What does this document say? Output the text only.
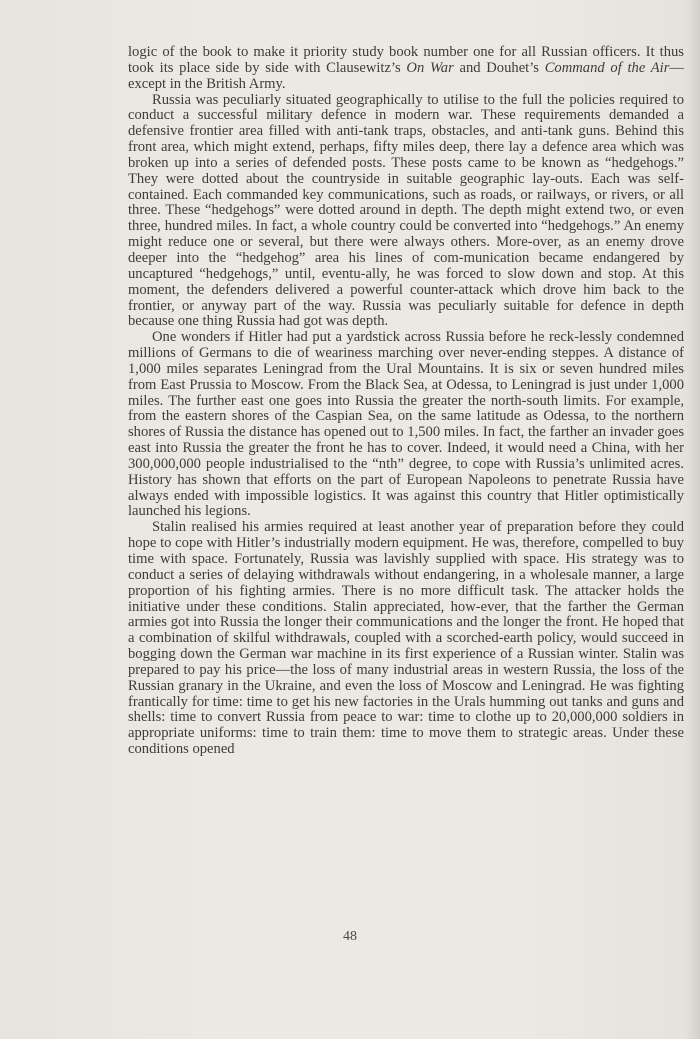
logic of the book to make it priority study book number one for all Russian officers. It thus took its place side by side with Clausewitz’s On War and Douhet’s Command of the Air—except in the British Army.

Russia was peculiarly situated geographically to utilise to the full the policies required to conduct a successful military defence in modern war. These requirements demanded a defensive frontier area filled with anti-tank traps, obstacles, and anti-tank guns. Behind this front area, which might extend, perhaps, fifty miles deep, there lay a defence area which was broken up into a series of defended posts. These posts came to be known as “hedgehogs.” They were dotted about the countryside in suitable geographic lay-outs. Each was self-contained. Each commanded key communications, such as roads, or railways, or rivers, or all three. These “hedgehogs” were dotted around in depth. The depth might extend two, or even three, hundred miles. In fact, a whole country could be converted into “hedgehogs.” An enemy might reduce one or several, but there were always others. More-over, as an enemy drove deeper into the “hedgehog” area his lines of com-munication became endangered by uncaptured “hedgehogs,” until, eventu-ally, he was forced to slow down and stop. At this moment, the defenders delivered a powerful counter-attack which drove him back to the frontier, or anyway part of the way. Russia was peculiarly suitable for defence in depth because one thing Russia had got was depth.

One wonders if Hitler had put a yardstick across Russia before he reck-lessly condemned millions of Germans to die of weariness marching over never-ending steppes. A distance of 1,000 miles separates Leningrad from the Ural Mountains. It is six or seven hundred miles from East Prussia to Moscow. From the Black Sea, at Odessa, to Leningrad is just under 1,000 miles. The further east one goes into Russia the greater the north-south limits. For example, from the eastern shores of the Caspian Sea, on the same latitude as Odessa, to the northern shores of Russia the distance has opened out to 1,500 miles. In fact, the farther an invader goes east into Russia the greater the front he has to cover. Indeed, it would need a China, with her 300,000,000 people industrialised to the “nth” degree, to cope with Russia’s unlimited acres. History has shown that efforts on the part of European Napoleons to penetrate Russia have always ended with impossible logistics. It was against this country that Hitler optimistically launched his legions.

Stalin realised his armies required at least another year of preparation before they could hope to cope with Hitler’s industrially modern equipment. He was, therefore, compelled to buy time with space. Fortunately, Russia was lavishly supplied with space. His strategy was to conduct a series of delaying withdrawals without endangering, in a wholesale manner, a large proportion of his fighting armies. There is no more difficult task. The attacker holds the initiative under these conditions. Stalin appreciated, how-ever, that the farther the German armies got into Russia the longer their communications and the longer the front. He hoped that a combination of skilful withdrawals, coupled with a scorched-earth policy, would succeed in bogging down the German war machine in its first experience of a Russian winter. Stalin was prepared to pay his price—the loss of many industrial areas in western Russia, the loss of the Russian granary in the Ukraine, and even the loss of Moscow and Leningrad. He was fighting frantically for time: time to get his new factories in the Urals humming out tanks and guns and shells: time to convert Russia from peace to war: time to clothe up to 20,000,000 soldiers in appropriate uniforms: time to train them: time to move them to strategic areas. Under these conditions opened

48
